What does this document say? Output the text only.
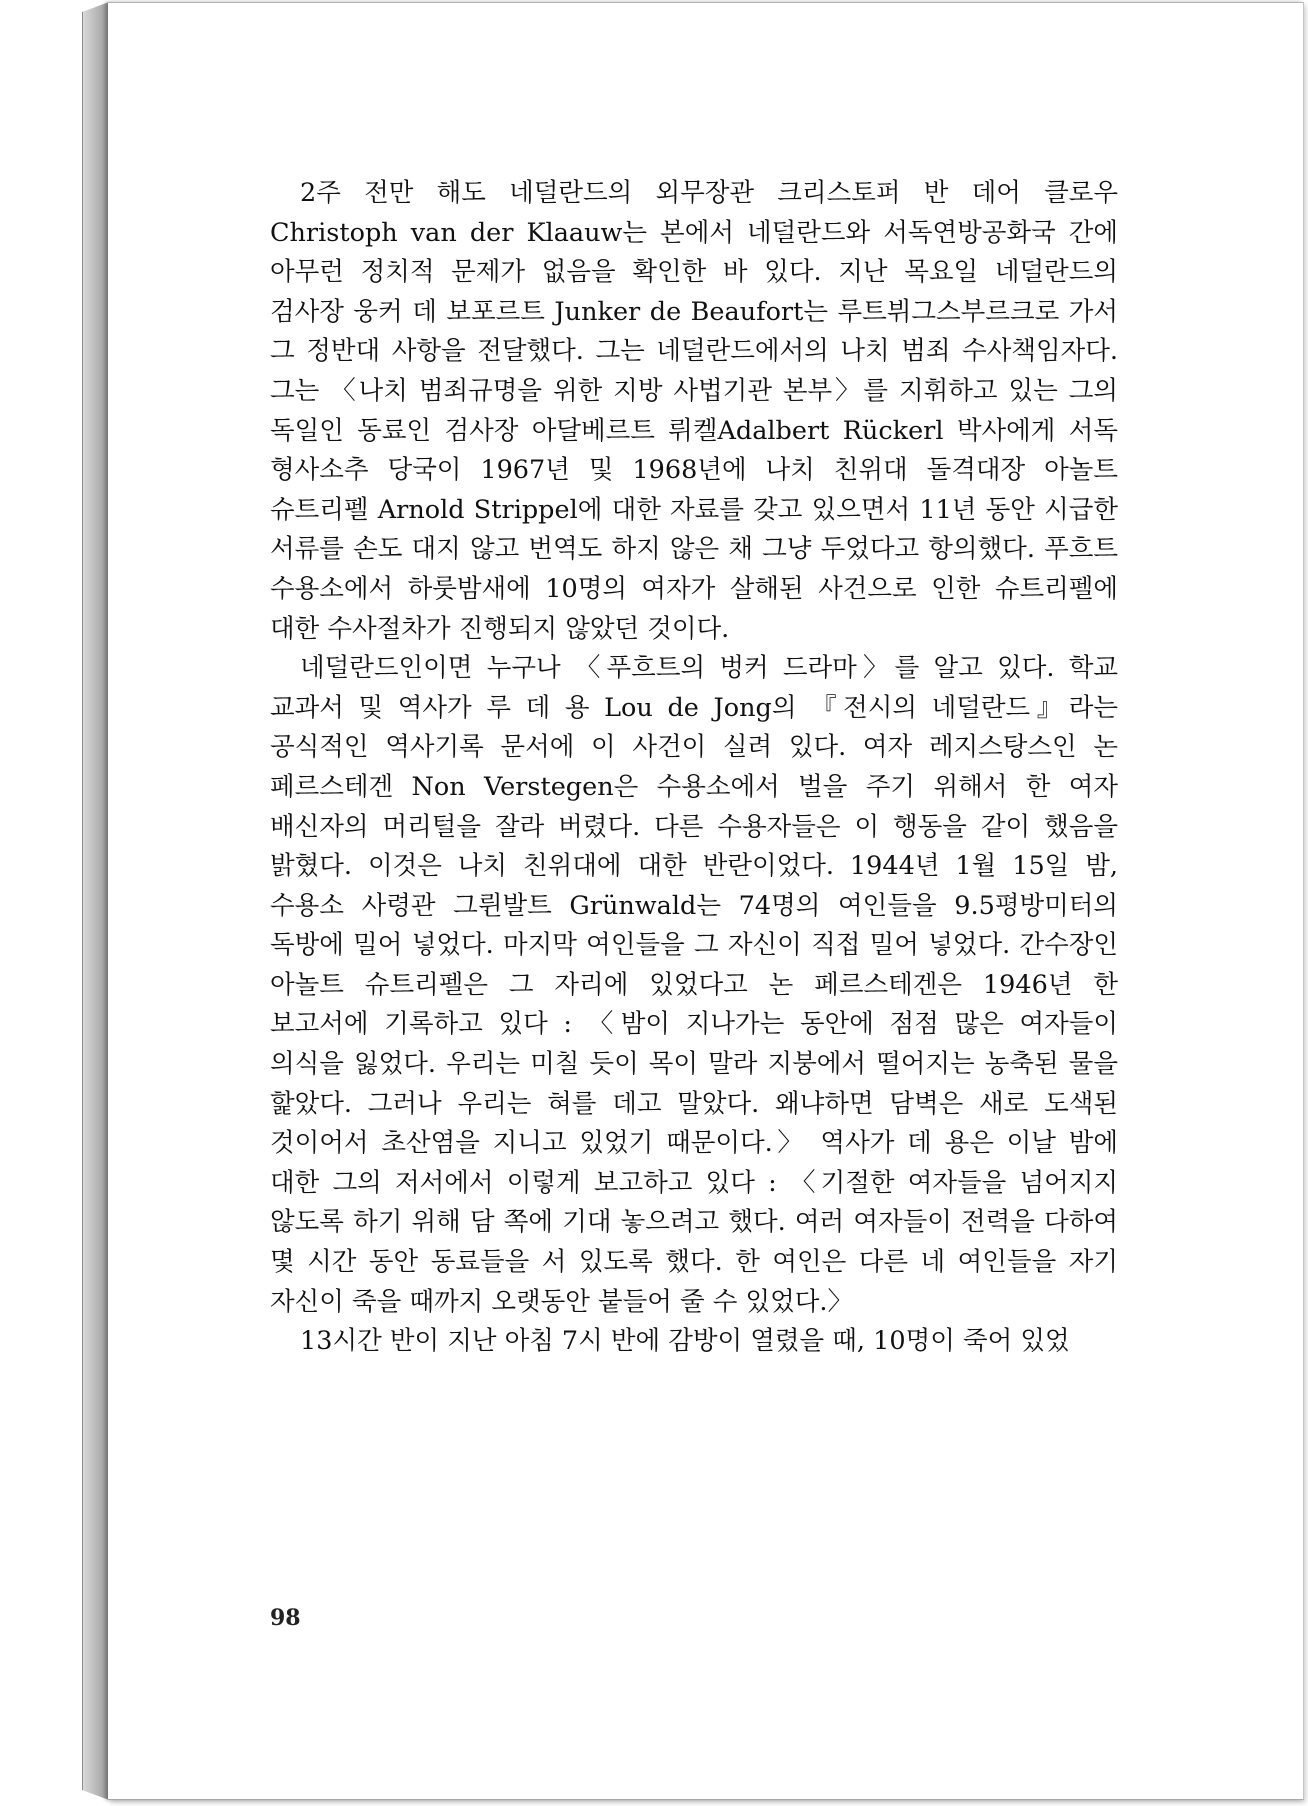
2주 전만 해도 네덜란드의 외무장관 크리스토퍼 반 데어 클로우 Christoph van der Klaauw는 본에서 네덜란드와 서독연방공화국 간에 아무런 정치적 문제가 없음을 확인한 바 있다. 지난 목요일 네덜란드의 검사장 웅커 데 보포르트 Junker de Beaufort는 루트뷔그스부르크로 가서 그 정반대 사항을 전달했다. 그는 네덜란드에서의 나치 범죄 수사책임자다. 그는 〈나치 범죄규명을 위한 지방 사법기관 본부〉를 지휘하고 있는 그의 독일인 동료인 검사장 아달베르트 뤼켈Adalbert Rückerl 박사에게 서독 형사소추 당국이 1967년 및 1968년에 나치 친위대 돌격대장 아놀트 슈트리펠 Arnold Strippel에 대한 자료를 갖고 있으면서 11년 동안 시급한 서류를 손도 대지 않고 번역도 하지 않은 채 그냥 두었다고 항의했다. 푸흐트 수용소에서 하룻밤새에 10명의 여자가 살해된 사건으로 인한 슈트리펠에 대한 수사절차가 진행되지 않았던 것이다.

네덜란드인이면 누구나 〈푸흐트의 벙커 드라마〉를 알고 있다. 학교 교과서 및 역사가 루 데 용 Lou de Jong의 『전시의 네덜란드』라는 공식적인 역사기록 문서에 이 사건이 실려 있다. 여자 레지스탕스인 논 페르스테겐 Non Verstegen은 수용소에서 벌을 주기 위해서 한 여자 배신자의 머리털을 잘라 버렸다. 다른 수용자들은 이 행동을 같이 했음을 밝혔다. 이것은 나치 친위대에 대한 반란이었다. 1944년 1월 15일 밤, 수용소 사령관 그륀발트 Grünwald는 74명의 여인들을 9.5평방미터의 독방에 밀어 넣었다. 마지막 여인들을 그 자신이 직접 밀어 넣었다. 간수장인 아놀트 슈트리펠은 그 자리에 있었다고 논 페르스테겐은 1946년 한 보고서에 기록하고 있다 : 〈밤이 지나가는 동안에 점점 많은 여자들이 의식을 잃었다. 우리는 미칠 듯이 목이 말라 지붕에서 떨어지는 농축된 물을 핥았다. 그러나 우리는 혀를 데고 말았다. 왜냐하면 담벽은 새로 도색된 것이어서 초산염을 지니고 있었기 때문이다.〉 역사가 데 용은 이날 밤에 대한 그의 저서에서 이렇게 보고하고 있다 : 〈기절한 여자들을 넘어지지 않도록 하기 위해 담 쪽에 기대 놓으려고 했다. 여러 여자들이 전력을 다하여 몇 시간 동안 동료들을 서 있도록 했다. 한 여인은 다른 네 여인들을 자기 자신이 죽을 때까지 오랫동안 붙들어 줄 수 있었다.〉

13시간 반이 지난 아침 7시 반에 감방이 열렸을 때, 10명이 죽어 있었

98
